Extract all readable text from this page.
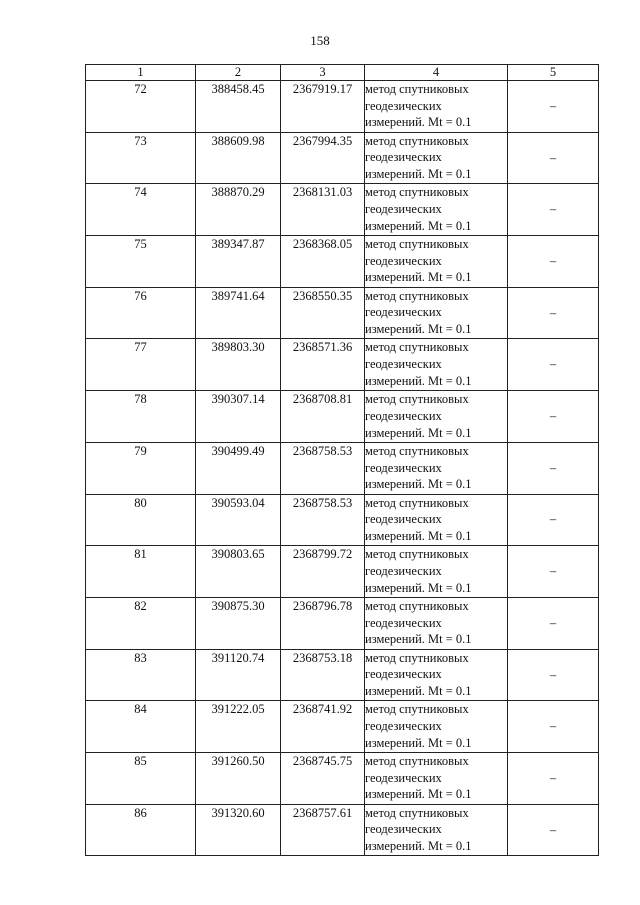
158
1	2	3	4	5
72	388458.45	2367919.17	метод спутниковых
геодезических
измерений. Mt = 0.1	–
73	388609.98	2367994.35	метод спутниковых
геодезических
измерений. Mt = 0.1	–
74	388870.29	2368131.03	метод спутниковых
геодезических
измерений. Mt = 0.1	–
75	389347.87	2368368.05	метод спутниковых
геодезических
измерений. Mt = 0.1	–
76	389741.64	2368550.35	метод спутниковых
геодезических
измерений. Mt = 0.1	–
77	389803.30	2368571.36	метод спутниковых
геодезических
измерений. Mt = 0.1	–
78	390307.14	2368708.81	метод спутниковых
геодезических
измерений. Mt = 0.1	–
79	390499.49	2368758.53	метод спутниковых
геодезических
измерений. Mt = 0.1	–
80	390593.04	2368758.53	метод спутниковых
геодезических
измерений. Mt = 0.1	–
81	390803.65	2368799.72	метод спутниковых
геодезических
измерений. Mt = 0.1	–
82	390875.30	2368796.78	метод спутниковых
геодезических
измерений. Mt = 0.1	–
83	391120.74	2368753.18	метод спутниковых
геодезических
измерений. Mt = 0.1	–
84	391222.05	2368741.92	метод спутниковых
геодезических
измерений. Mt = 0.1	–
85	391260.50	2368745.75	метод спутниковых
геодезических
измерений. Mt = 0.1	–
86	391320.60	2368757.61	метод спутниковых
геодезических
измерений. Mt = 0.1	–
